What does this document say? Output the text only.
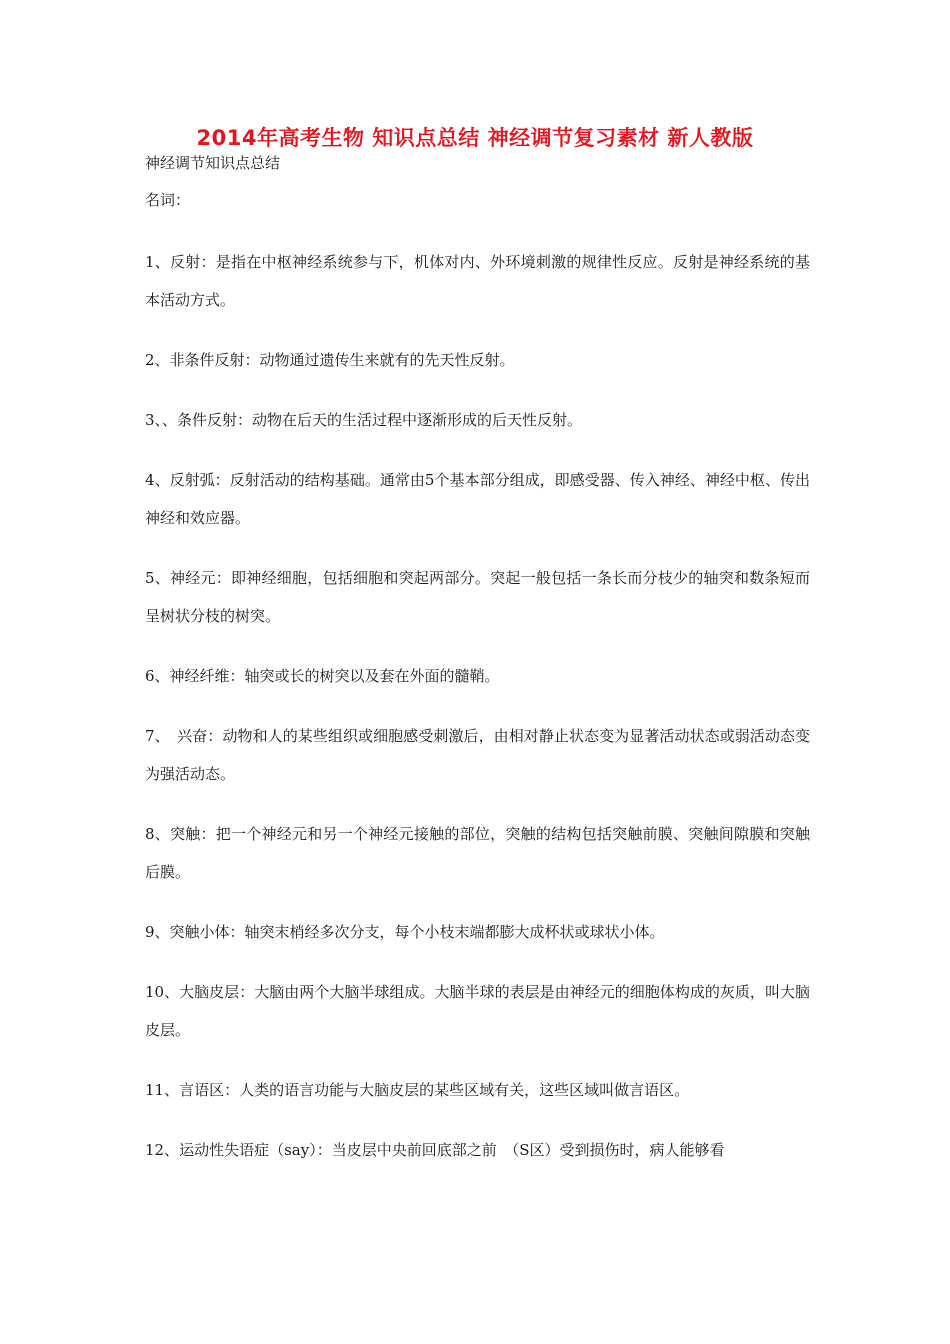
2014年高考生物 知识点总结 神经调节复习素材 新人教版

神经调节知识点总结

名词：

1、反射：是指在中枢神经系统参与下，机体对内、外环境刺激的规律性反应。反射是神经系统的基本活动方式。
2、非条件反射：动物通过遗传生来就有的先天性反射。
3、、条件反射：动物在后天的生活过程中逐渐形成的后天性反射。
4、反射弧：反射活动的结构基础。通常由5个基本部分组成，即感受器、传入神经、神经中枢、传出神经和效应器。
5、神经元：即神经细胞，包括细胞和突起两部分。突起一般包括一条长而分枝少的轴突和数条短而呈树状分枝的树突。
6、神经纤维：轴突或长的树突以及套在外面的髓鞘。
7、　兴奋：动物和人的某些组织或细胞感受刺激后，由相对静止状态变为显著活动状态或弱活动态变为强活动态。
8、突触：把一个神经元和另一个神经元接触的部位，突触的结构包括突触前膜、突触间隙膜和突触后膜。
9、突触小体：轴突末梢经多次分支，每个小枝末端都膨大成杯状或球状小体。
10、大脑皮层：大脑由两个大脑半球组成。大脑半球的表层是由神经元的细胞体构成的灰质，叫大脑皮层。
11、言语区：人类的语言功能与大脑皮层的某些区域有关，这些区域叫做言语区。
12、运动性失语症（say）：当皮层中央前回底部之前　（S区）受到损伤时，病人能够看
